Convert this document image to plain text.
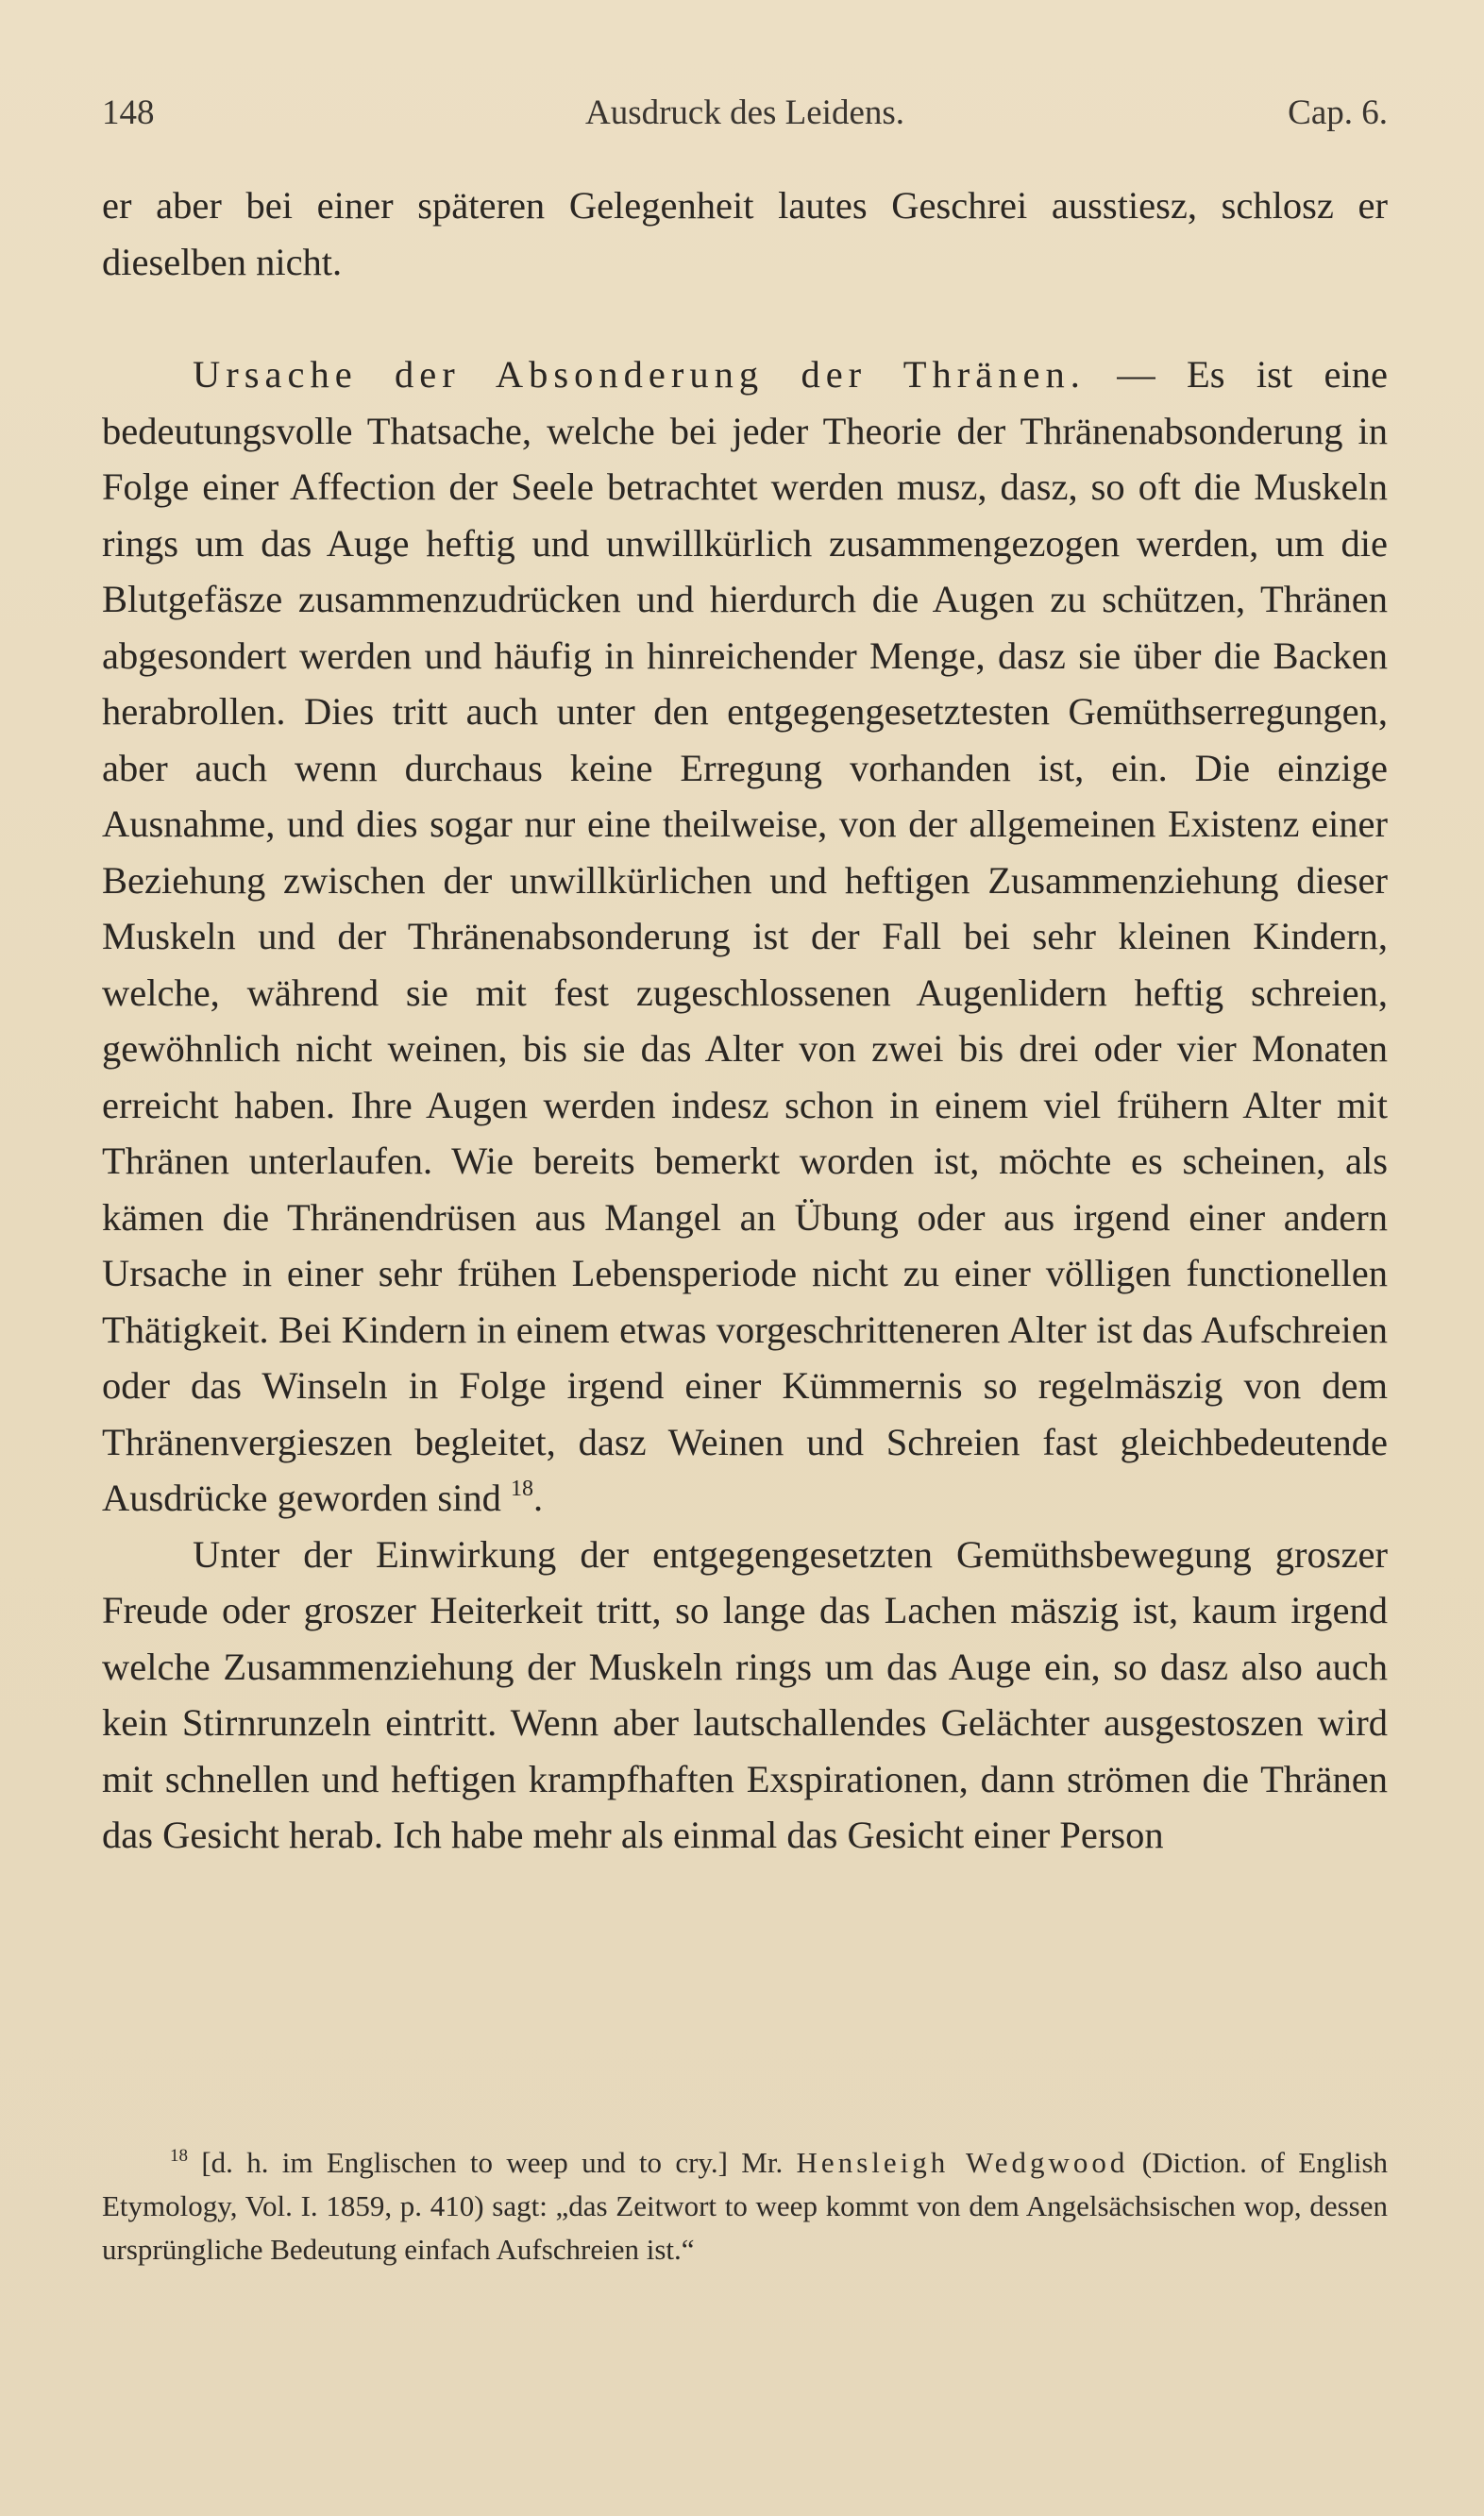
148	Ausdruck des Leidens.	Cap. 6.

er aber bei einer späteren Gelegenheit lautes Geschrei ausstiesz, schlosz er dieselben nicht.

Ursache der Absonderung der Thränen. — Es ist eine bedeutungsvolle Thatsache, welche bei jeder Theorie der Thränenabsonderung in Folge einer Affection der Seele betrachtet werden musz, dasz, so oft die Muskeln rings um das Auge heftig und unwillkürlich zusammengezogen werden, um die Blutgefäsze zusammenzudrücken und hierdurch die Augen zu schützen, Thränen abgesondert werden und häufig in hinreichender Menge, dasz sie über die Backen herabrollen. Dies tritt auch unter den entgegengesetztesten Gemüthserregungen, aber auch wenn durchaus keine Erregung vorhanden ist, ein. Die einzige Ausnahme, und dies sogar nur eine theilweise, von der allgemeinen Existenz einer Beziehung zwischen der unwillkürlichen und heftigen Zusammenziehung dieser Muskeln und der Thränenabsonderung ist der Fall bei sehr kleinen Kindern, welche, während sie mit fest zugeschlossenen Augenlidern heftig schreien, gewöhnlich nicht weinen, bis sie das Alter von zwei bis drei oder vier Monaten erreicht haben. Ihre Augen werden indesz schon in einem viel frühern Alter mit Thränen unterlaufen. Wie bereits bemerkt worden ist, möchte es scheinen, als kämen die Thränendrüsen aus Mangel an Übung oder aus irgend einer andern Ursache in einer sehr frühen Lebensperiode nicht zu einer völligen functionellen Thätigkeit. Bei Kindern in einem etwas vorgeschritteneren Alter ist das Aufschreien oder das Winseln in Folge irgend einer Kümmernis so regelmäszig von dem Thränenvergieszen begleitet, dasz Weinen und Schreien fast gleichbedeutende Ausdrücke geworden sind $^{18}$.

Unter der Einwirkung der entgegengesetzten Gemüthsbewegung groszer Freude oder groszer Heiterkeit tritt, so lange das Lachen mäszig ist, kaum irgend welche Zusammenziehung der Muskeln rings um das Auge ein, so dasz also auch kein Stirnrunzeln eintritt. Wenn aber lautschallendes Gelächter ausgestoszen wird mit schnellen und heftigen krampfhaften Exspirationen, dann strömen die Thränen das Gesicht herab. Ich habe mehr als einmal das Gesicht einer Person

$^{18}$ [d. h. im Englischen to weep und to cry.] Mr. Hensleigh Wedgwood (Diction. of English Etymology, Vol. I. 1859, p. 410) sagt: „das Zeitwort to weep kommt von dem Angelsächsischen wop, dessen ursprüngliche Bedeutung einfach Aufschreien ist.“
